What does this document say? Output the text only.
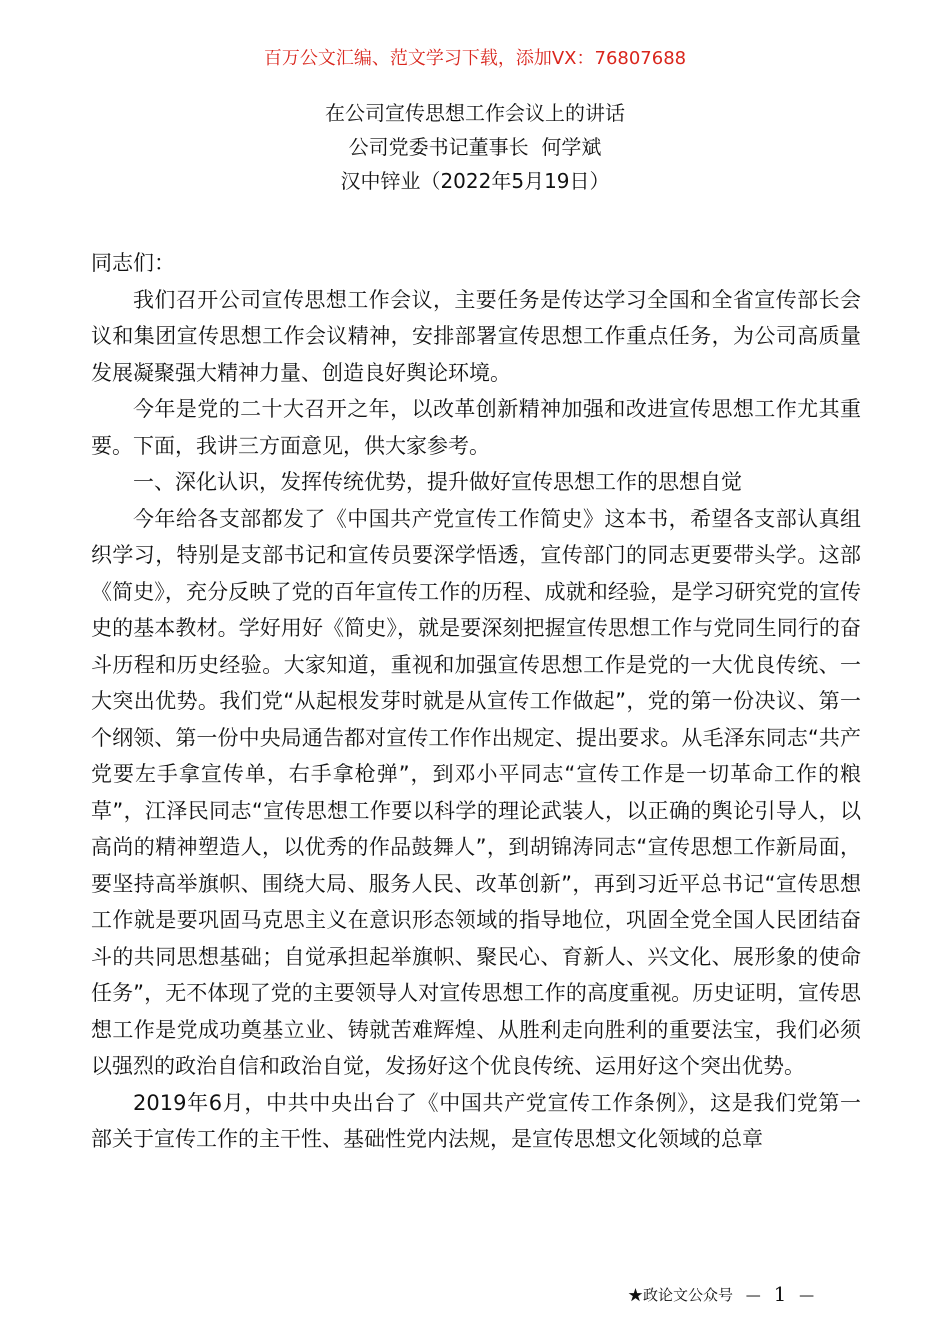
百万公文汇编、范文学习下载，添加VX：76807688
在公司宣传思想工作会议上的讲话
公司党委书记董事长  何学斌
汉中锌业（2022年5月19日）

同志们：

我们召开公司宣传思想工作会议，主要任务是传达学习全国和全省宣传部长会议和集团宣传思想工作会议精神，安排部署宣传思想工作重点任务，为公司高质量发展凝聚强大精神力量、创造良好舆论环境。

今年是党的二十大召开之年，以改革创新精神加强和改进宣传思想工作尤其重要。下面，我讲三方面意见，供大家参考。

一、深化认识，发挥传统优势，提升做好宣传思想工作的思想自觉

今年给各支部都发了《中国共产党宣传工作简史》这本书，希望各支部认真组织学习，特别是支部书记和宣传员要深学悟透，宣传部门的同志更要带头学。这部《简史》，充分反映了党的百年宣传工作的历程、成就和经验，是学习研究党的宣传史的基本教材。学好用好《简史》，就是要深刻把握宣传思想工作与党同生同行的奋斗历程和历史经验。大家知道，重视和加强宣传思想工作是党的一大优良传统、一大突出优势。我们党“从起根发芽时就是从宣传工作做起”，党的第一份决议、第一个纲领、第一份中央局通告都对宣传工作作出规定、提出要求。从毛泽东同志“共产党要左手拿宣传单，右手拿枪弹”，到邓小平同志“宣传工作是一切革命工作的粮草”，江泽民同志“宣传思想工作要以科学的理论武装人，以正确的舆论引导人，以高尚的精神塑造人，以优秀的作品鼓舞人”，到胡锦涛同志“宣传思想工作新局面，要坚持高举旗帜、围绕大局、服务人民、改革创新”，再到习近平总书记“宣传思想工作就是要巩固马克思主义在意识形态领域的指导地位，巩固全党全国人民团结奋斗的共同思想基础；自觉承担起举旗帜、聚民心、育新人、兴文化、展形象的使命任务”，无不体现了党的主要领导人对宣传思想工作的高度重视。历史证明，宣传思想工作是党成功奠基立业、铸就苦难辉煌、从胜利走向胜利的重要法宝，我们必须以强烈的政治自信和政治自觉，发扬好这个优良传统、运用好这个突出优势。

2019年6月，中共中央出台了《中国共产党宣传工作条例》，这是我们党第一部关于宣传工作的主干性、基础性党内法规，是宣传思想文化领域的总章

★政论文公众号 — 1 —
